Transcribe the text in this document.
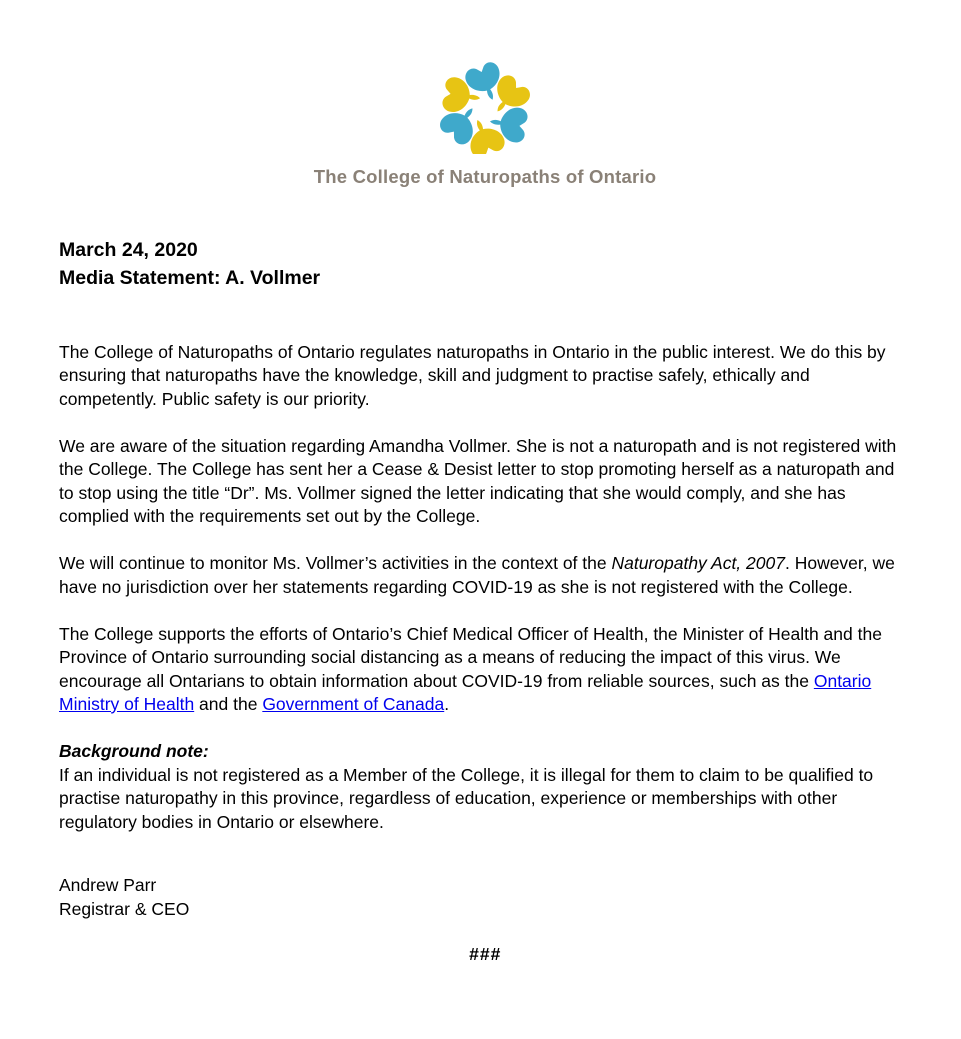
The College of Naturopaths of Ontario
March 24, 2020
Media Statement: A. Vollmer

The College of Naturopaths of Ontario regulates naturopaths in Ontario in the public interest. We do this by ensuring that naturopaths have the knowledge, skill and judgment to practise safely, ethically and competently. Public safety is our priority.

We are aware of the situation regarding Amandha Vollmer. She is not a naturopath and is not registered with the College. The College has sent her a Cease & Desist letter to stop promoting herself as a naturopath and to stop using the title “Dr”. Ms. Vollmer signed the letter indicating that she would comply, and she has complied with the requirements set out by the College.

We will continue to monitor Ms. Vollmer’s activities in the context of the Naturopathy Act, 2007. However, we have no jurisdiction over her statements regarding COVID-19 as she is not registered with the College.

The College supports the efforts of Ontario’s Chief Medical Officer of Health, the Minister of Health and the Province of Ontario surrounding social distancing as a means of reducing the impact of this virus. We encourage all Ontarians to obtain information about COVID-19 from reliable sources, such as the Ontario Ministry of Health and the Government of Canada.

Background note:
If an individual is not registered as a Member of the College, it is illegal for them to claim to be qualified to practise naturopathy in this province, regardless of education, experience or memberships with other regulatory bodies in Ontario or elsewhere.

Andrew Parr
Registrar & CEO
###
